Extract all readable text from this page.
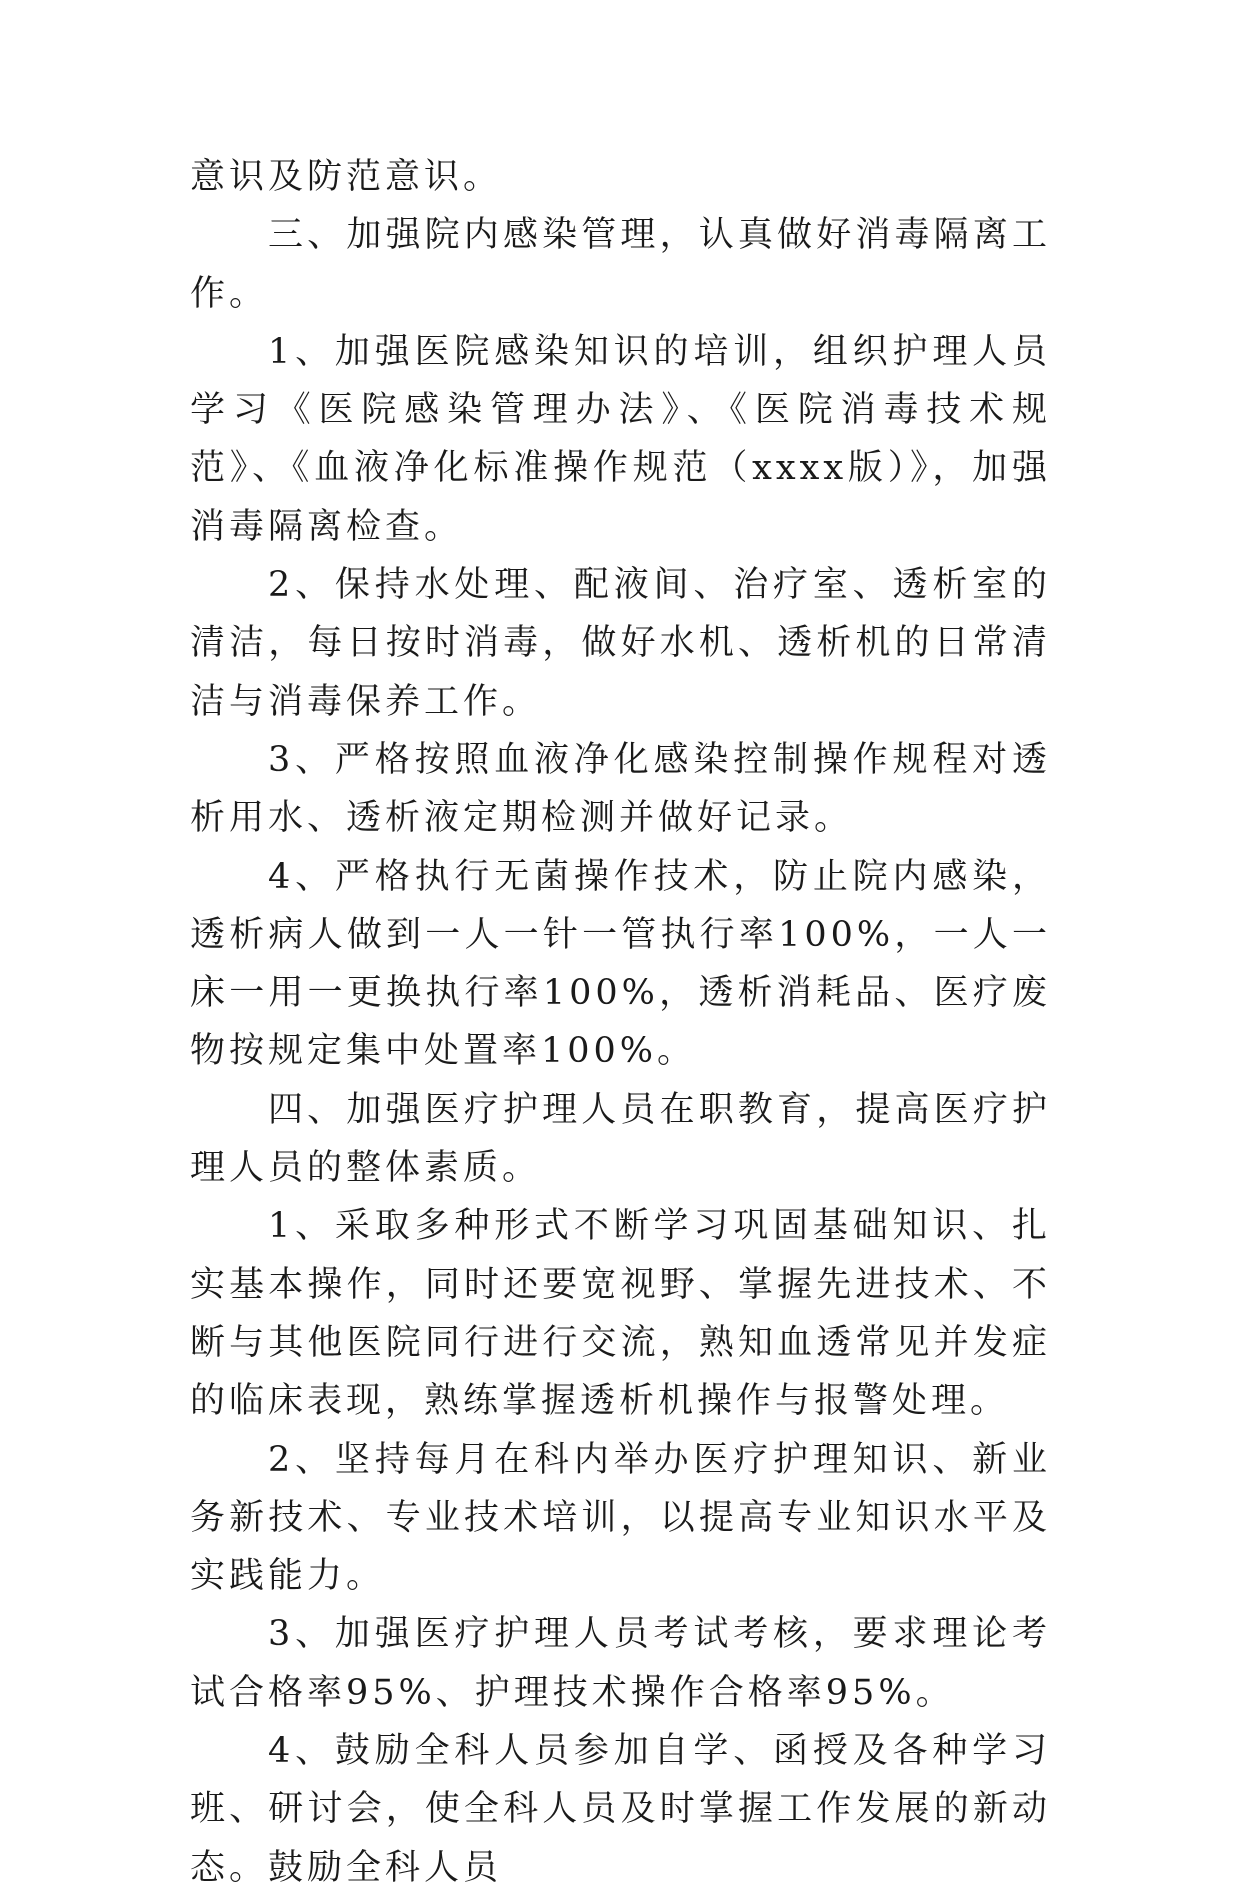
意识及防范意识。

三、加强院内感染管理，认真做好消毒隔离工作。

1、加强医院感染知识的培训，组织护理人员学习《医院感染管理办法》、《医院消毒技术规范》、《血液净化标准操作规范（xxxx版）》，加强消毒隔离检查。

2、保持水处理、配液间、治疗室、透析室的清洁，每日按时消毒，做好水机、透析机的日常清洁与消毒保养工作。

3、严格按照血液净化感染控制操作规程对透析用水、透析液定期检测并做好记录。

4、严格执行无菌操作技术，防止院内感染，透析病人做到一人一针一管执行率100%，一人一床一用一更换执行率100%，透析消耗品、医疗废物按规定集中处置率100%。

四、加强医疗护理人员在职教育，提高医疗护理人员的整体素质。

1、采取多种形式不断学习巩固基础知识、扎实基本操作，同时还要宽视野、掌握先进技术、不断与其他医院同行进行交流，熟知血透常见并发症的临床表现，熟练掌握透析机操作与报警处理。

2、坚持每月在科内举办医疗护理知识、新业务新技术、专业技术培训，以提高专业知识水平及实践能力。

3、加强医疗护理人员考试考核，要求理论考试合格率95%、护理技术操作合格率95%。

4、鼓励全科人员参加自学、函授及各种学习班、研讨会，使全科人员及时掌握工作发展的新动态。鼓励全科人员
